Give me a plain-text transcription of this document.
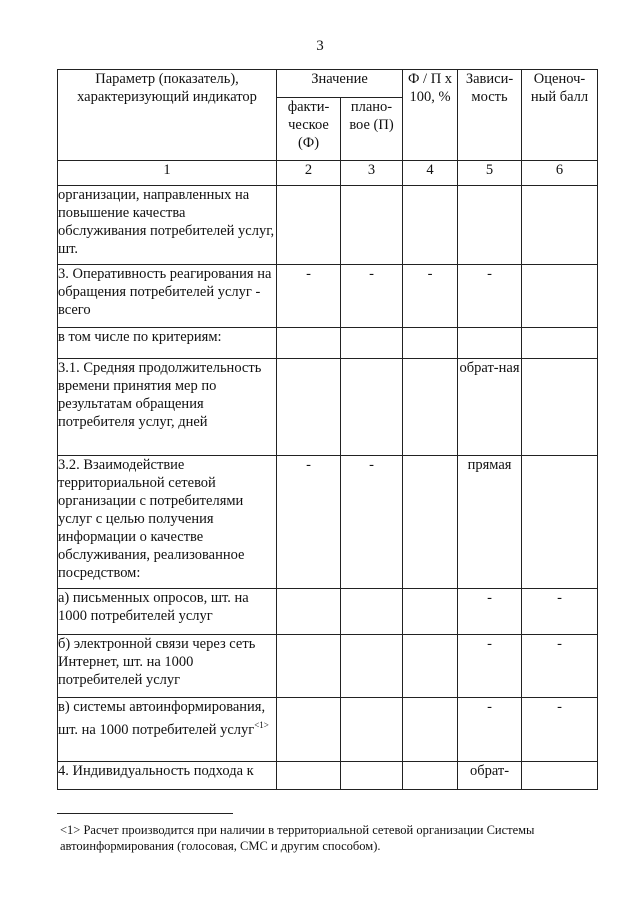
3
Параметр (показатель), характеризующий индикатор	Значение		Ф / П х 100, %	Зависи-мость	Оценоч-ный балл
	факти-ческое (Ф)	плано-вое (П)			
1	2	3	4	5	6
организации, направленных на повышение качества обслуживания потребителей услуг, шт.					
3. Оперативность реагирования на обращения потребителей услуг - всего	-	-	-	-	
в том числе по критериям:					
3.1. Средняя продолжительность времени принятия мер по результатам обращения потребителя услуг, дней				обрат-ная	
3.2. Взаимодействие территориальной сетевой организации с потребителями услуг с целью получения информации о качестве обслуживания, реализованное посредством:	-	-		прямая	
а) письменных опросов, шт. на 1000 потребителей услуг				-	-
б) электронной связи через сеть Интернет, шт. на 1000 потребителей услуг				-	-
в) системы автоинформирования, шт. на 1000 потребителей услуг$^{<1>}$				-	-
4. Индивидуальность подхода к				обрат-	
<1> Расчет производится при наличии в территориальной сетевой организации Системы автоинформирования (голосовая, СМС и другим способом).
